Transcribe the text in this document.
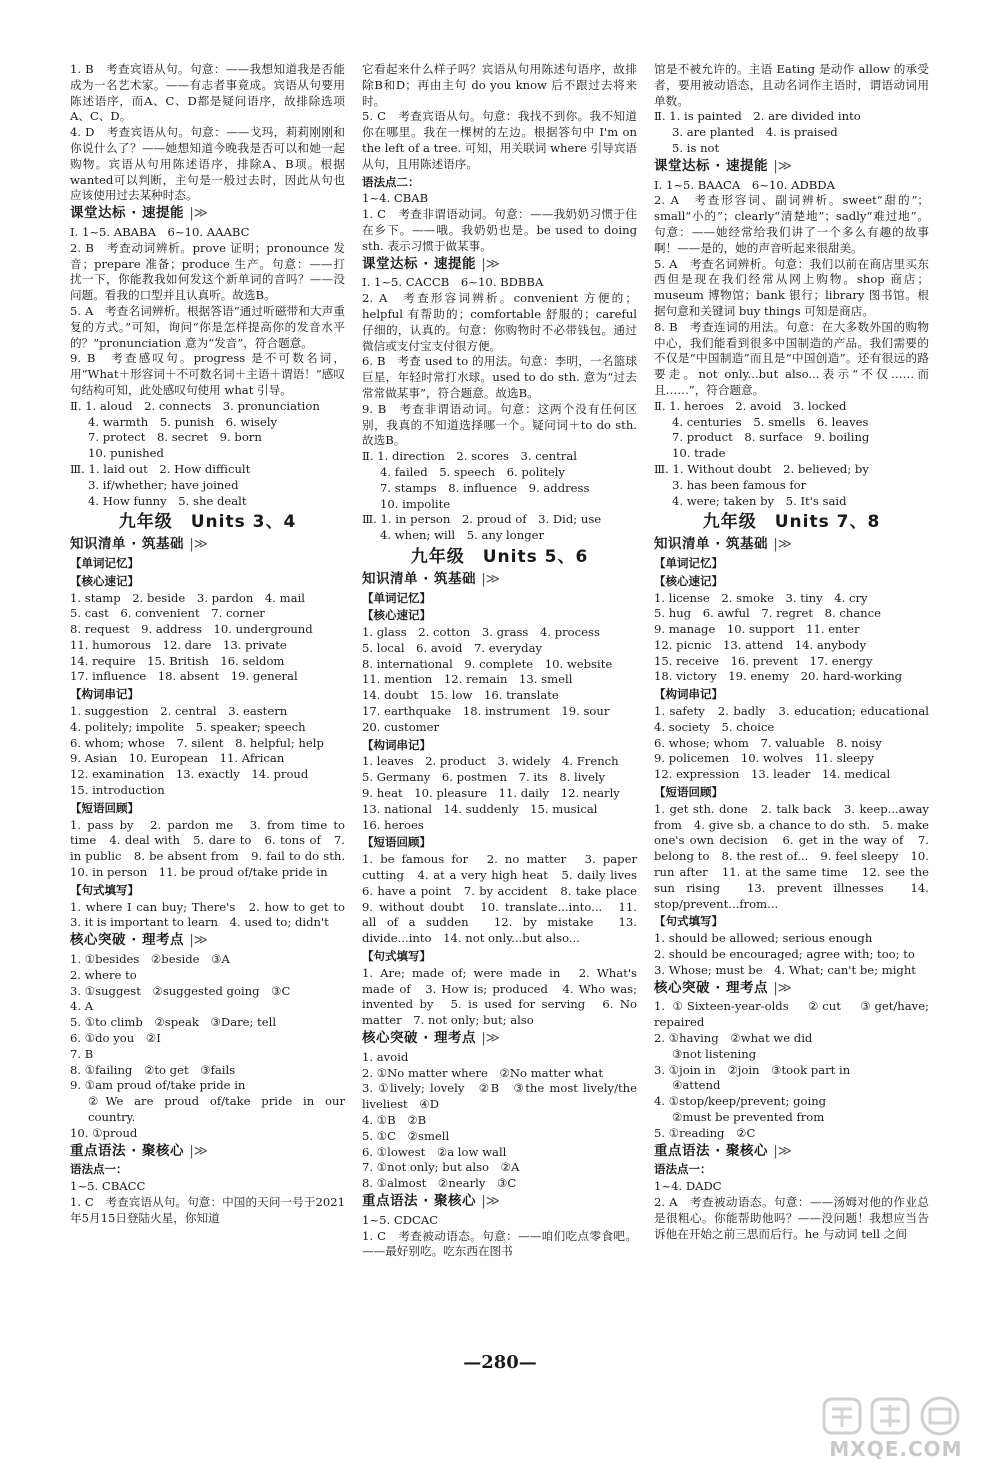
1. B　考查宾语从句。句意：——我想知道我是否能成为一名艺术家。——有志者事竟成。宾语从句要用陈述语序，而A、C、D都是疑问语序，故排除选项A、C、D。
4. D　考查宾语从句。句意：——戈玛，莉莉刚刚和你说什么了？——她想知道今晚我是否可以和她一起购物。宾语从句用陈述语序，排除A、B项。根据wanted可以判断，主句是一般过去时，因此从句也应该使用过去某种时态。
课堂达标 · 速提能 |≫
Ⅰ. 1~5. ABABA　6~10. AAABC
2. B　考查动词辨析。prove 证明；pronounce 发音；prepare 准备；produce 生产。句意：——打扰一下，你能教我如何发这个新单词的音吗？——没问题。看我的口型并且认真听。故选B。
5. A　考查名词辨析。根据答语“通过听磁带和大声重复的方式。”可知，询问“你是怎样提高你的发音水平的？”pronunciation 意为“发音”，符合题意。
9. B　考查感叹句。progress 是不可数名词，用“What＋形容词＋不可数名词＋主语＋谓语！”感叹句结构可知，此处感叹句使用 what 引导。
Ⅱ. 1. aloud　2. connects　3. pronunciation
4. warmth　5. punish　6. wisely
7. protect　8. secret　9. born
10. punished
Ⅲ. 1. laid out　2. How difficult
3. if/whether; have joined
4. How funny　5. she dealt
九年级　Units 3、4
知识清单 · 筑基础 |≫
【单词记忆】
【核心速记】
1. stamp　2. beside　3. pardon　4. mail
5. cast　6. convenient　7. corner
8. request　9. address　10. underground
11. humorous　12. dare　13. private
14. require　15. British　16. seldom
17. influence　18. absent　19. general
【构词串记】
1. suggestion　2. central　3. eastern
4. politely; impolite　5. speaker; speech
6. whom; whose　7. silent　8. helpful; help
9. Asian　10. European　11. African
12. examination　13. exactly　14. proud
15. introduction
【短语回顾】
1. pass by　2. pardon me　3. from time to time　4. deal with　5. dare to　6. tons of　7. in public　8. be absent from　9. fail to do sth.　10. in person　11. be proud of/take pride in
【句式填写】
1. where I can buy; There's　2. how to get to　3. it is important to learn　4. used to; didn't
核心突破 · 理考点 |≫
1. ①besides　②beside　③A
2. where to
3. ①suggest　②suggested going　③C
4. A
5. ①to climb　②speak　③Dare; tell
6. ①do you　②I
7. B
8. ①failing　②to get　③fails
9. ①am proud of/take pride in
②We are proud of/take pride in our country.
10. ①proud
重点语法 · 聚核心 |≫
语法点一：
1~5. CBACC
1. C　考查宾语从句。句意：中国的天问一号于2021年5月15日登陆火星，你知道
它看起来什么样子吗？宾语从句用陈述句语序，故排除B和D；再由主句 do you know 后不跟过去将来时。
5. C　考查宾语从句。句意：我找不到你。我不知道你在哪里。我在一棵树的左边。根据答句中 I'm on the left of a tree. 可知，用关联词 where 引导宾语从句，且用陈述语序。
语法点二：
1~4. CBAB
1. C　考查非谓语动词。句意：——我奶奶习惯于住在乡下。——哦。我奶奶也是。be used to doing sth. 表示习惯于做某事。
课堂达标 · 速提能 |≫
Ⅰ. 1~5. CACCB　6~10. BDBBA
2. A　考查形容词辨析。convenient 方便的；helpful 有帮助的；comfortable 舒服的；careful 仔细的，认真的。句意：你购物时不必带钱包。通过微信或支付宝支付很方便。
6. B　考查 used to 的用法。句意：李明，一名篮球巨星，年轻时常打水球。used to do sth. 意为“过去常常做某事”，符合题意。故选B。
9. B　考查非谓语动词。句意：这两个没有任何区别，我真的不知道选择哪一个。疑问词＋to do sth. 故选B。
Ⅱ. 1. direction　2. scores　3. central
4. failed　5. speech　6. politely
7. stamps　8. influence　9. address
10. impolite
Ⅲ. 1. in person　2. proud of　3. Did; use
4. when; will　5. any longer
九年级　Units 5、6
知识清单 · 筑基础 |≫
【单词记忆】
【核心速记】
1. glass　2. cotton　3. grass　4. process
5. local　6. avoid　7. everyday
8. international　9. complete　10. website
11. mention　12. remain　13. smell
14. doubt　15. low　16. translate
17. earthquake　18. instrument　19. sour
20. customer
【构词串记】
1. leaves　2. product　3. widely　4. French
5. Germany　6. postmen　7. its　8. lively
9. heat　10. pleasure　11. daily　12. nearly
13. national　14. suddenly　15. musical
16. heroes
【短语回顾】
1. be famous for　2. no matter　3. paper cutting　4. at a very high heat　5. daily lives　6. have a point　7. by accident　8. take place　9. without doubt　10. translate...into...　11. all of a sudden　12. by mistake　13. divide...into　14. not only...but also...
【句式填写】
1. Are; made of; were made in　2. What's made of　3. How is; produced　4. Who was; invented by　5. is used for serving　6. No matter　7. not only; but; also
核心突破 · 理考点 |≫
1. avoid
2. ①No matter where　②No matter what
3. ①lively; lovely　②B　③the most lively/the liveliest　④D
4. ①B　②B
5. ①C　②smell
6. ①lowest　②a low wall
7. ①not only; but also　②A
8. ①almost　②nearly　③C
重点语法 · 聚核心 |≫
1~5. CDCAC
1. C　考查被动语态。句意：——咱们吃点零食吧。——最好别吃。吃东西在图书
馆是不被允许的。主语 Eating 是动作 allow 的承受者，要用被动语态，且动名词作主语时，谓语动词用单数。
Ⅱ. 1. is painted　2. are divided into
3. are planted　4. is praised
5. is not
课堂达标 · 速提能 |≫
Ⅰ. 1~5. BAACA　6~10. ADBDA
2. A　考查形容词、副词辨析。sweet“甜的”；small“小的”；clearly“清楚地”；sadly“难过地”。句意：——她经常给我们讲了一个多么有趣的故事啊！——是的，她的声音听起来很甜美。
5. A　考查名词辨析。句意：我们以前在商店里买东西但是现在我们经常从网上购物。shop 商店；museum 博物馆；bank 银行；library 图书馆。根据句意和关键词 buy things 可知是商店。
8. B　考查连词的用法。句意：在大多数外国的购物中心，我们能看到很多中国制造的产品。我们需要的不仅是“中国制造”而且是“中国创造”。还有很远的路要走。not only...but also...表示“不仅……而且……”，符合题意。
Ⅱ. 1. heroes　2. avoid　3. locked
4. centuries　5. smells　6. leaves
7. product　8. surface　9. boiling
10. trade
Ⅲ. 1. Without doubt　2. believed; by
3. has been famous for
4. were; taken by　5. It's said
九年级　Units 7、8
知识清单 · 筑基础 |≫
【单词记忆】
【核心速记】
1. license　2. smoke　3. tiny　4. cry
5. hug　6. awful　7. regret　8. chance
9. manage　10. support　11. enter
12. picnic　13. attend　14. anybody
15. receive　16. prevent　17. energy
18. victory　19. enemy　20. hard-working
【构词串记】
1. safety　2. badly　3. education; educational　4. society　5. choice
6. whose; whom　7. valuable　8. noisy
9. policemen　10. wolves　11. sleepy
12. expression　13. leader　14. medical
【短语回顾】
1. get sth. done　2. talk back　3. keep...away from　4. give sb. a chance to do sth.　5. make one's own decision　6. get in the way of　7. belong to　8. the rest of...　9. feel sleepy　10. run after　11. at the same time　12. see the sun rising　13. prevent illnesses　14. stop/prevent...from...
【句式填写】
1. should be allowed; serious enough
2. should be encouraged; agree with; too; to
3. Whose; must be　4. What; can't be; might
核心突破 · 理考点 |≫
1. ①Sixteen-year-olds　②cut　③get/have; repaired
2. ①having　②what we did
③not listening
3. ①join in　②join　③took part in
④attend
4. ①stop/keep/prevent; going
②must be prevented from
5. ①reading　②C
重点语法 · 聚核心 |≫
语法点一：
1~4. DADC
2. A　考查被动语态。句意：——汤姆对他的作业总是很粗心。你能帮助他吗？——没问题！我想应当告诉他在开始之前三思而后行。he 与动词 tell 之间
—280—
MXQE.COM
